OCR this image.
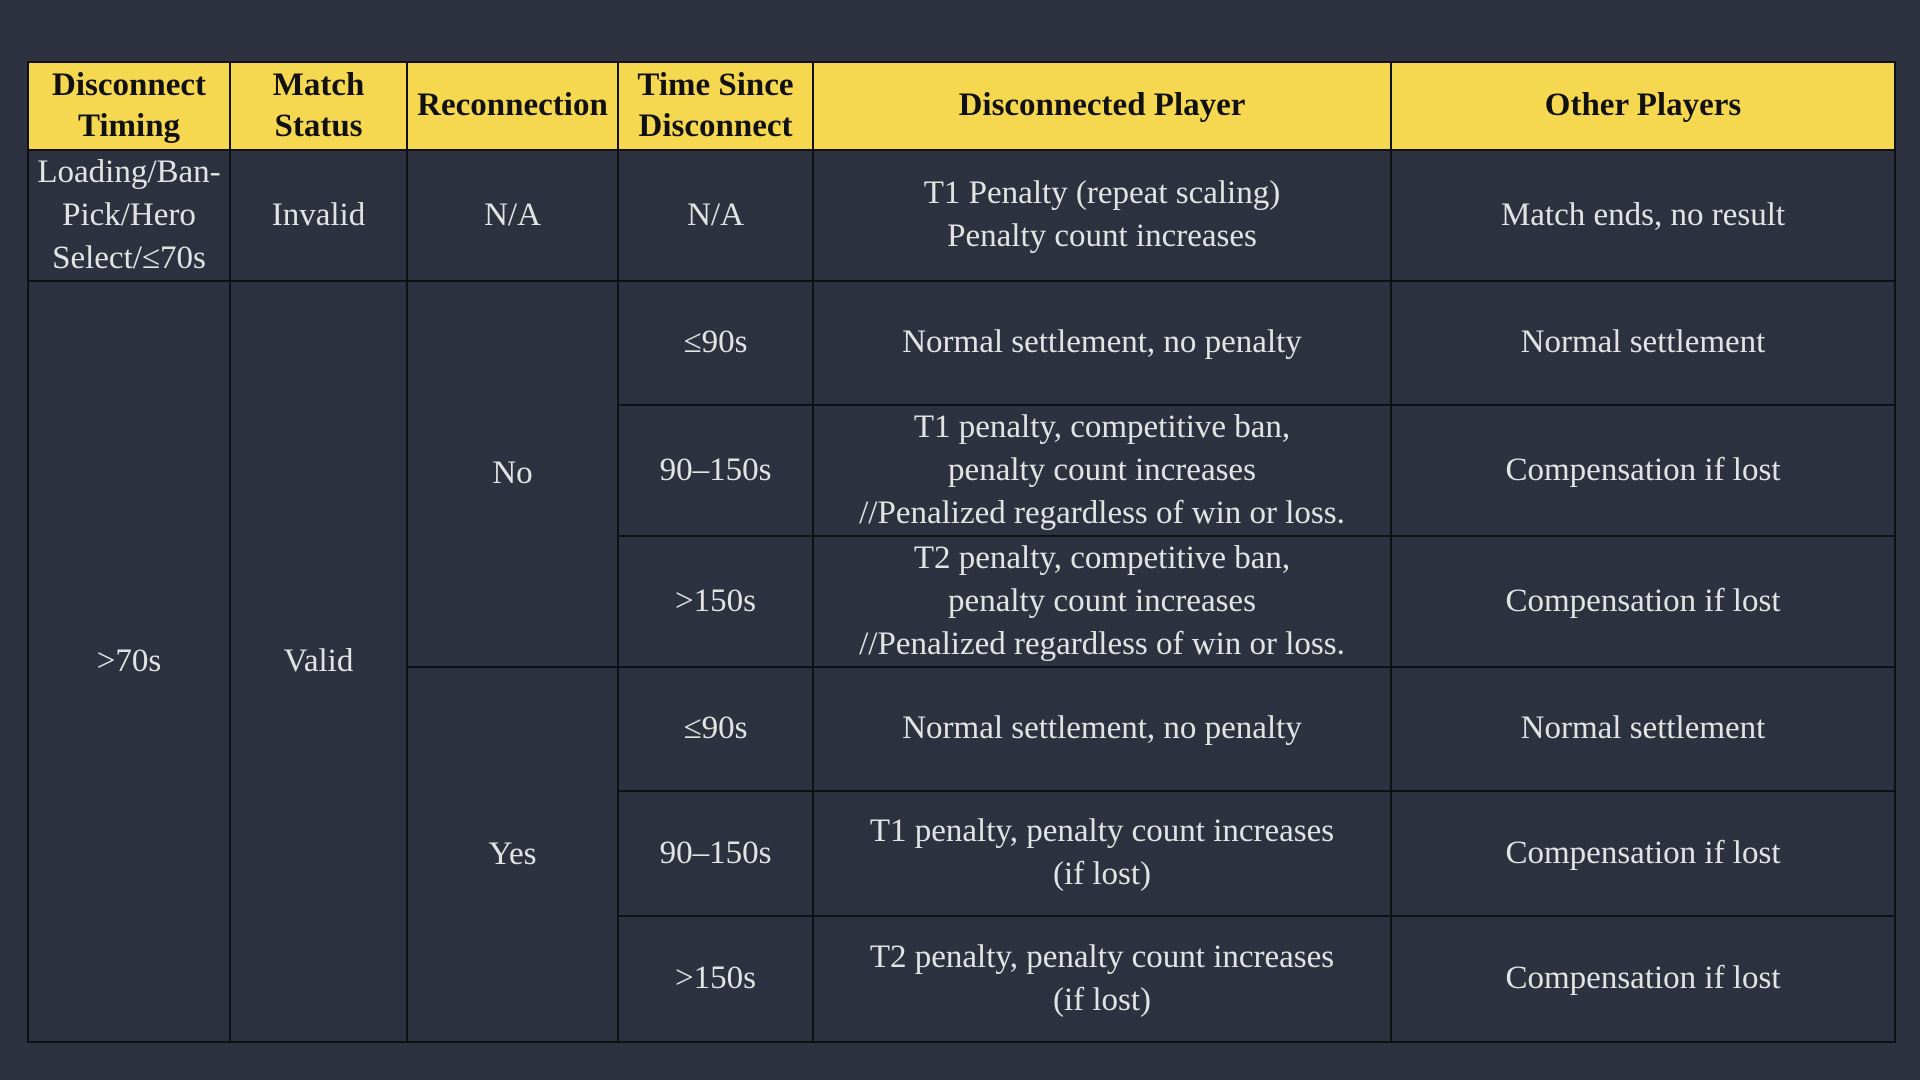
Disconnect Timing	Match Status	Reconnection	Time Since Disconnect	Disconnected Player	Other Players

Loading/Ban-
Pick/Hero
Select/≤70s	Invalid	N/A	N/A	T1 Penalty (repeat scaling)
Penalty count increases	Match ends, no result
>70s	Valid	No	≤90s	Normal settlement, no penalty	Normal settlement
			90–150s	T1 penalty, competitive ban,
penalty count increases
//Penalized regardless of win or loss.	Compensation if lost
			>150s	T2 penalty, competitive ban,
penalty count increases
//Penalized regardless of win or loss.	Compensation if lost
		Yes	≤90s	Normal settlement, no penalty	Normal settlement
			90–150s	T1 penalty, penalty count increases
(if lost)	Compensation if lost
			>150s	T2 penalty, penalty count increases
(if lost)	Compensation if lost
